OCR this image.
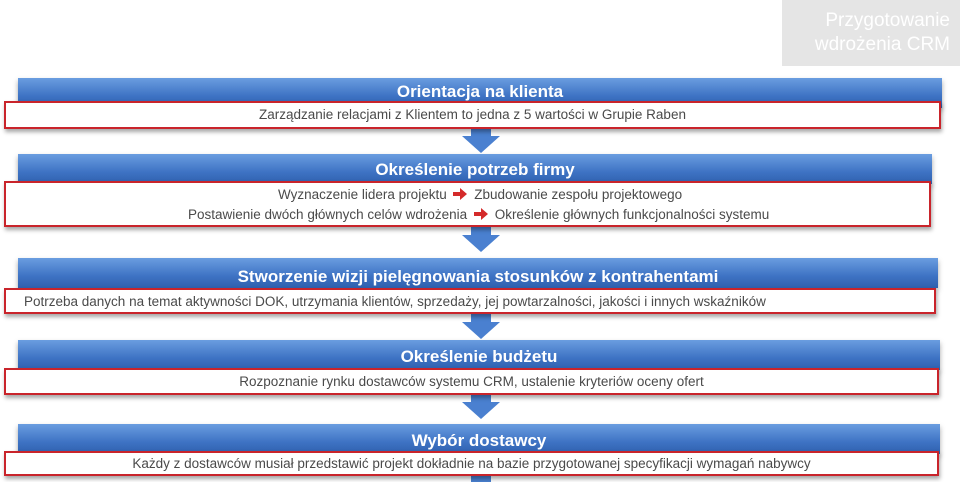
Przygotowanie
wdrożenia CRM
Orientacja na klienta
Zarządzanie relacjami z Klientem to jedna z 5 wartości w Grupie Raben
Określenie potrzeb firmy
Wyznaczenie lidera projektu Zbudowanie zespołu projektowego
Postawienie dwóch głównych celów wdrożenia Określenie głównych funkcjonalności systemu
Stworzenie wizji pielęgnowania stosunków z kontrahentami
Potrzeba danych na temat aktywności DOK, utrzymania klientów, sprzedaży, jej powtarzalności, jakości i innych wskaźników
Określenie budżetu
Rozpoznanie rynku dostawców systemu CRM, ustalenie kryteriów oceny ofert
Wybór dostawcy
Każdy z dostawców musiał przedstawić projekt dokładnie na bazie przygotowanej specyfikacji wymagań nabywcy
